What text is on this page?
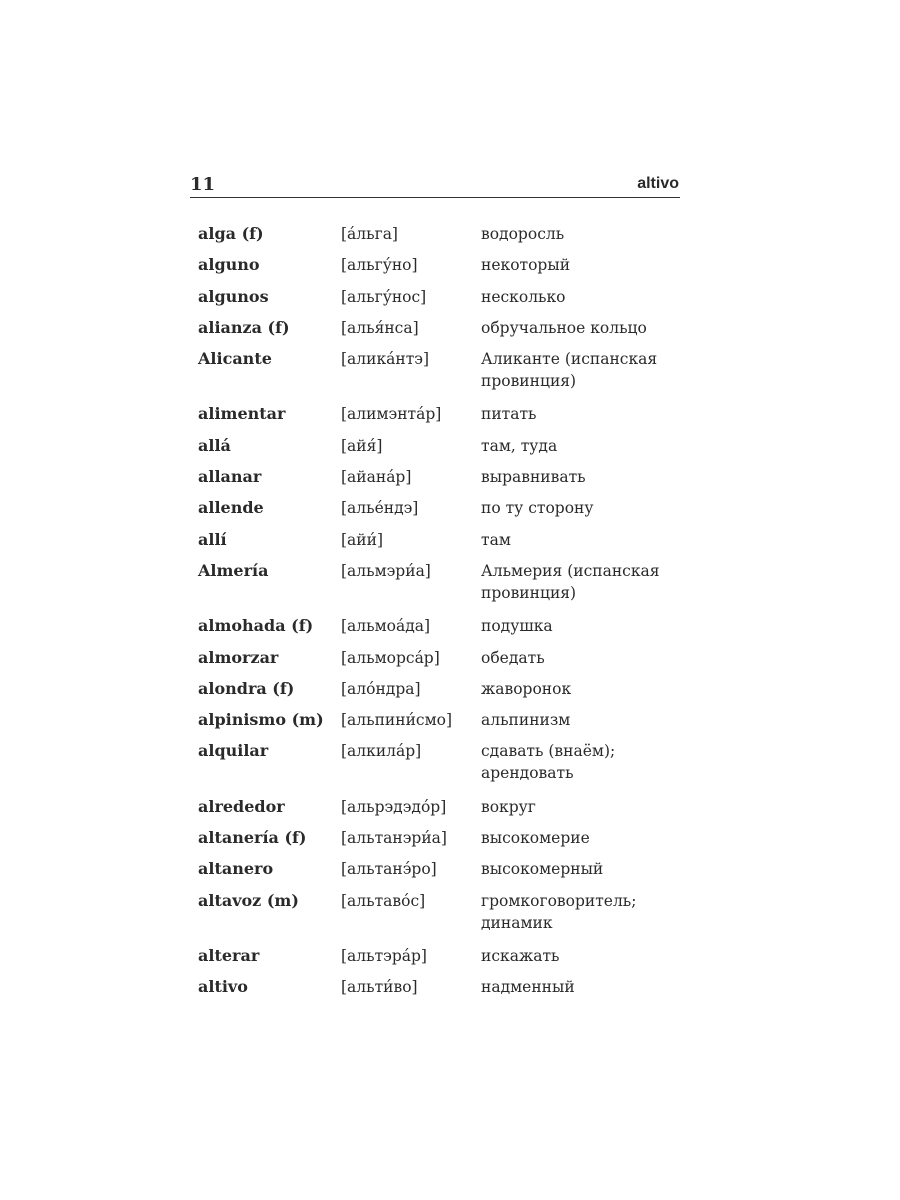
11	altivo
alga (f)	[а́льга]	водоросль
alguno	[альгу́но]	некоторый
algunos	[альгу́нос]	несколько
alianza (f)	[алья́нса]	обручальное кольцо
Alicante	[алика́нтэ]	Аликанте (испанская провинция)
alimentar	[алимэнта́р]	питать
allá	[айя́]	там, туда
allanar	[айана́р]	выравнивать
allende	[алье́ндэ]	по ту сторону
allí	[айи́]	там
Almería	[альмэри́а]	Альмерия (испанская провинция)
almohada (f)	[альмоа́да]	подушка
almorzar	[альморса́р]	обедать
alondra (f)	[ало́ндра]	жаворонок
alpinismo (m)	[альпини́смо]	альпинизм
alquilar	[алкила́р]	сдавать (внаём); арендовать
alrededor	[альрэдэдо́р]	вокруг
altanería (f)	[альтанэри́а]	высокомерие
altanero	[альтанэ́ро]	высокомерный
altavoz (m)	[альтаво́с]	громкоговоритель; динамик
alterar	[альтэра́р]	искажать
altivo	[альти́во]	надменный
